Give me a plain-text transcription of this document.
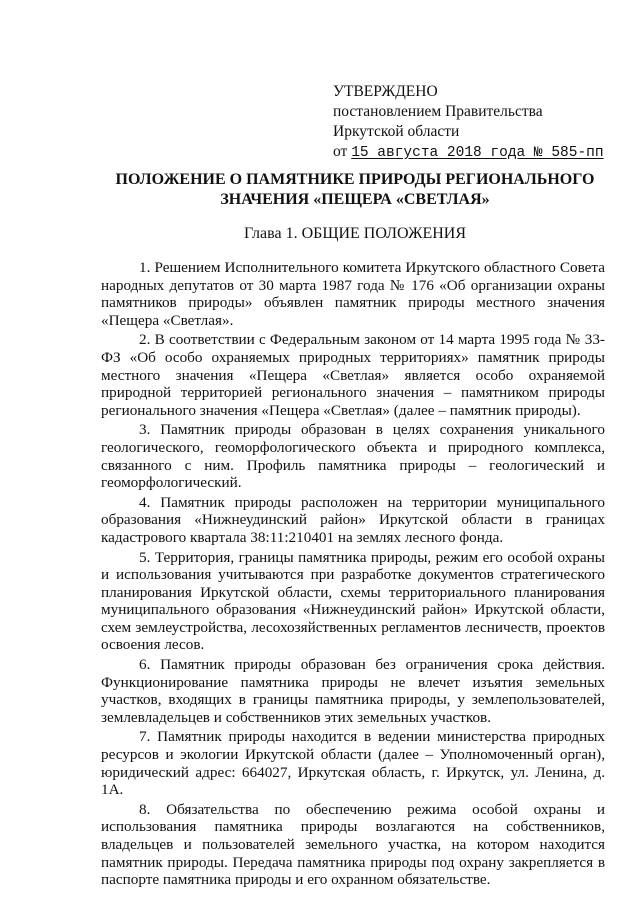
УТВЕРЖДЕНО
постановлением Правительства
Иркутской области
от 15 августа 2018 года № 585-пп
ПОЛОЖЕНИЕ О ПАМЯТНИКЕ ПРИРОДЫ РЕГИОНАЛЬНОГО
ЗНАЧЕНИЯ «ПЕЩЕРА «СВЕТЛАЯ»
Глава 1. ОБЩИЕ ПОЛОЖЕНИЯ

1. Решением Исполнительного комитета Иркутского областного Совета народных депутатов от 30 марта 1987 года № 176 «Об организации охраны памятников природы» объявлен памятник природы местного значения «Пещера «Светлая».

2. В соответствии с Федеральным законом от 14 марта 1995 года № 33-ФЗ «Об особо охраняемых природных территориях» памятник природы местного значения «Пещера «Светлая» является особо охраняемой природной территорией регионального значения – памятником природы регионального значения «Пещера «Светлая» (далее – памятник природы).

3. Памятник природы образован в целях сохранения уникального геологического, геоморфологического объекта и природного комплекса, связанного с ним. Профиль памятника природы – геологический и геоморфологический.

4. Памятник природы расположен на территории муниципального образования «Нижнеудинский район» Иркутской области в границах кадастрового квартала 38:11:210401 на землях лесного фонда.

5. Территория, границы памятника природы, режим его особой охраны и использования учитываются при разработке документов стратегического планирования Иркутской области, схемы территориального планирования муниципального образования «Нижнеудинский район» Иркутской области, схем землеустройства, лесохозяйственных регламентов лесничеств, проектов освоения лесов.

6. Памятник природы образован без ограничения срока действия. Функционирование памятника природы не влечет изъятия земельных участков, входящих в границы памятника природы, у землепользователей, землевладельцев и собственников этих земельных участков.

7. Памятник природы находится в ведении министерства природных ресурсов и экологии Иркутской области (далее – Уполномоченный орган), юридический адрес: 664027, Иркутская область, г. Иркутск, ул. Ленина, д. 1А.

8. Обязательства по обеспечению режима особой охраны и использования памятника природы возлагаются на собственников, владельцев и пользователей земельного участка, на котором находится памятник природы. Передача памятника природы под охрану закрепляется в паспорте памятника природы и его охранном обязательстве.
